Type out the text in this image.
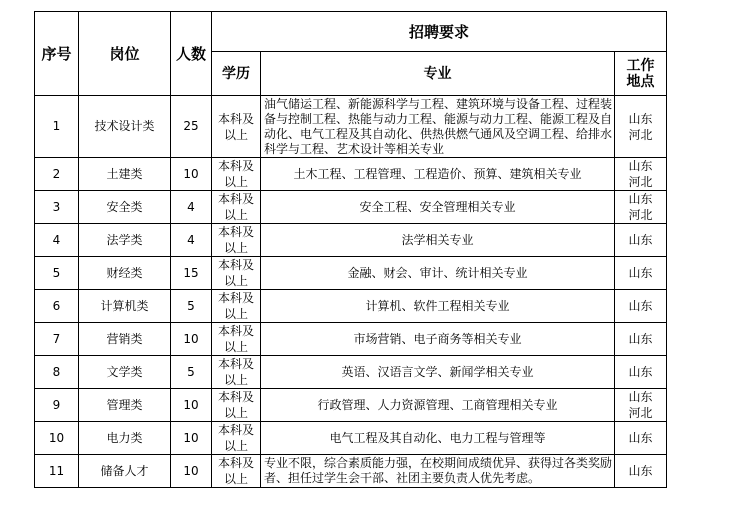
序号	岗位	人数	招聘要求		
			学历	专业	工作
地点
1	技术设计类	25	本科及
以上	油气储运工程、新能源科学与工程、建筑环境与设备工程、过程装备与控制工程、热能与动力工程、能源与动力工程、能源工程及自动化、电气工程及其自动化、供热供燃气通风及空调工程、给排水科学与工程、艺术设计等相关专业	山东
河北
2	土建类	10	本科及
以上	土木工程、工程管理、工程造价、预算、建筑相关专业	山东
河北
3	安全类	4	本科及
以上	安全工程、安全管理相关专业	山东
河北
4	法学类	4	本科及
以上	法学相关专业	山东
5	财经类	15	本科及
以上	金融、财会、审计、统计相关专业	山东
6	计算机类	5	本科及
以上	计算机、软件工程相关专业	山东
7	营销类	10	本科及
以上	市场营销、电子商务等相关专业	山东
8	文学类	5	本科及
以上	英语、汉语言文学、新闻学相关专业	山东
9	管理类	10	本科及
以上	行政管理、人力资源管理、工商管理相关专业	山东
河北
10	电力类	10	本科及
以上	电气工程及其自动化、电力工程与管理等	山东
11	储备人才	10	本科及
以上	专业不限，综合素质能力强，在校期间成绩优异、获得过各类奖励者、担任过学生会干部、社团主要负责人优先考虑。	山东
